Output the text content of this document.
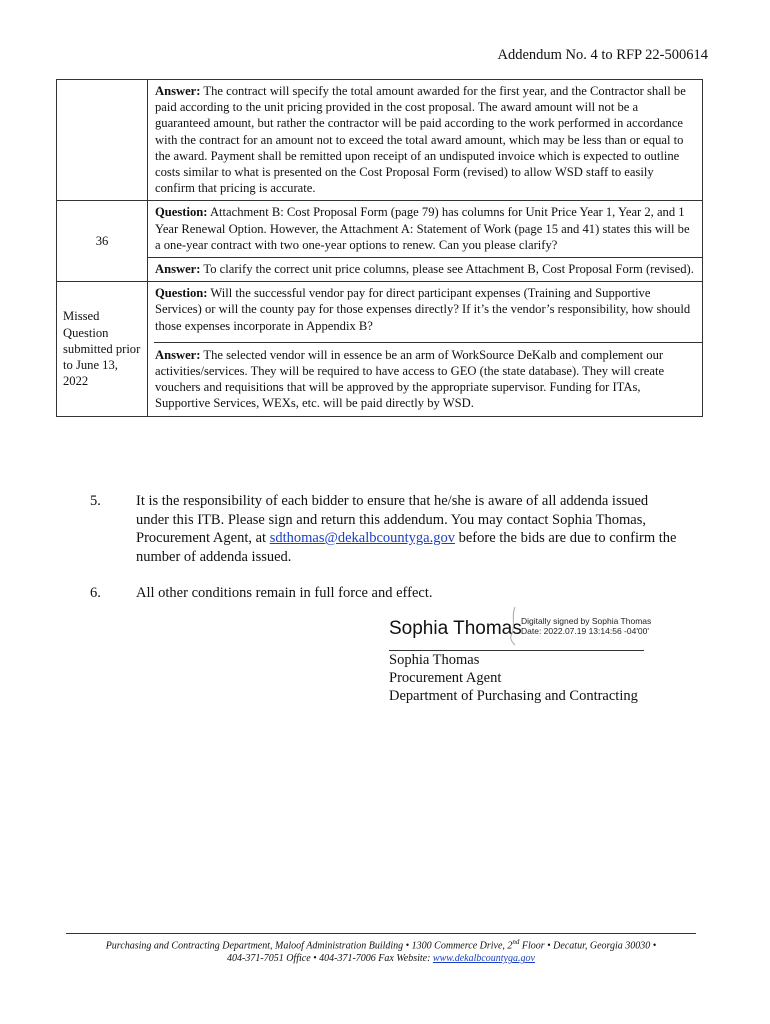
Addendum No. 4 to RFP 22-500614

	Answer: The contract will specify the total amount awarded for the first year, and the Contractor shall be paid according to the unit pricing provided in the cost proposal. The award amount will not be a guaranteed amount, but rather the contractor will be paid according to the work performed in accordance with the contract for an amount not to exceed the total award amount, which may be less than or equal to the award. Payment shall be remitted upon receipt of an undisputed invoice which is expected to outline costs similar to what is presented on the Cost Proposal Form (revised) to allow WSD staff to easily confirm that pricing is accurate.

36	Question: Attachment B: Cost Proposal Form (page 79) has columns for Unit Price Year 1, Year 2, and 1 Year Renewal Option. However, the Attachment A: Statement of Work (page 15 and 41) states this will be a one-year contract with two one-year options to renew. Can you please clarify?
Answer: To clarify the correct unit price columns, please see Attachment B, Cost Proposal Form (revised).

Missed Question submitted prior to June 13, 2022	Question: Will the successful vendor pay for direct participant expenses (Training and Supportive Services) or will the county pay for those expenses directly? If it’s the vendor’s responsibility, how should those expenses incorporate in Appendix B?
Answer: The selected vendor will in essence be an arm of WorkSource DeKalb and complement our activities/services. They will be required to have access to GEO (the state database). They will create vouchers and requisitions that will be approved by the appropriate supervisor. Funding for ITAs, Supportive Services, WEXs, etc. will be paid directly by WSD.
5.	It is the responsibility of each bidder to ensure that he/she is aware of all addenda issued under this ITB. Please sign and return this addendum. You may contact Sophia Thomas, Procurement Agent, at sdthomas@dekalbcountyga.gov before the bids are due to confirm the number of addenda issued.
6.	All other conditions remain in full force and effect.
Sophia Thomas Digitally signed by Sophia Thomas
Date: 2022.07.19 13:14:56 -04'00'
Sophia Thomas
Procurement Agent
Department of Purchasing and Contracting
Purchasing and Contracting Department, Maloof Administration Building • 1300 Commerce Drive, 2nd Floor • Decatur, Georgia 30030 •
404-371-7051 Office • 404-371-7006 Fax Website: www.dekalbcountyga.gov
